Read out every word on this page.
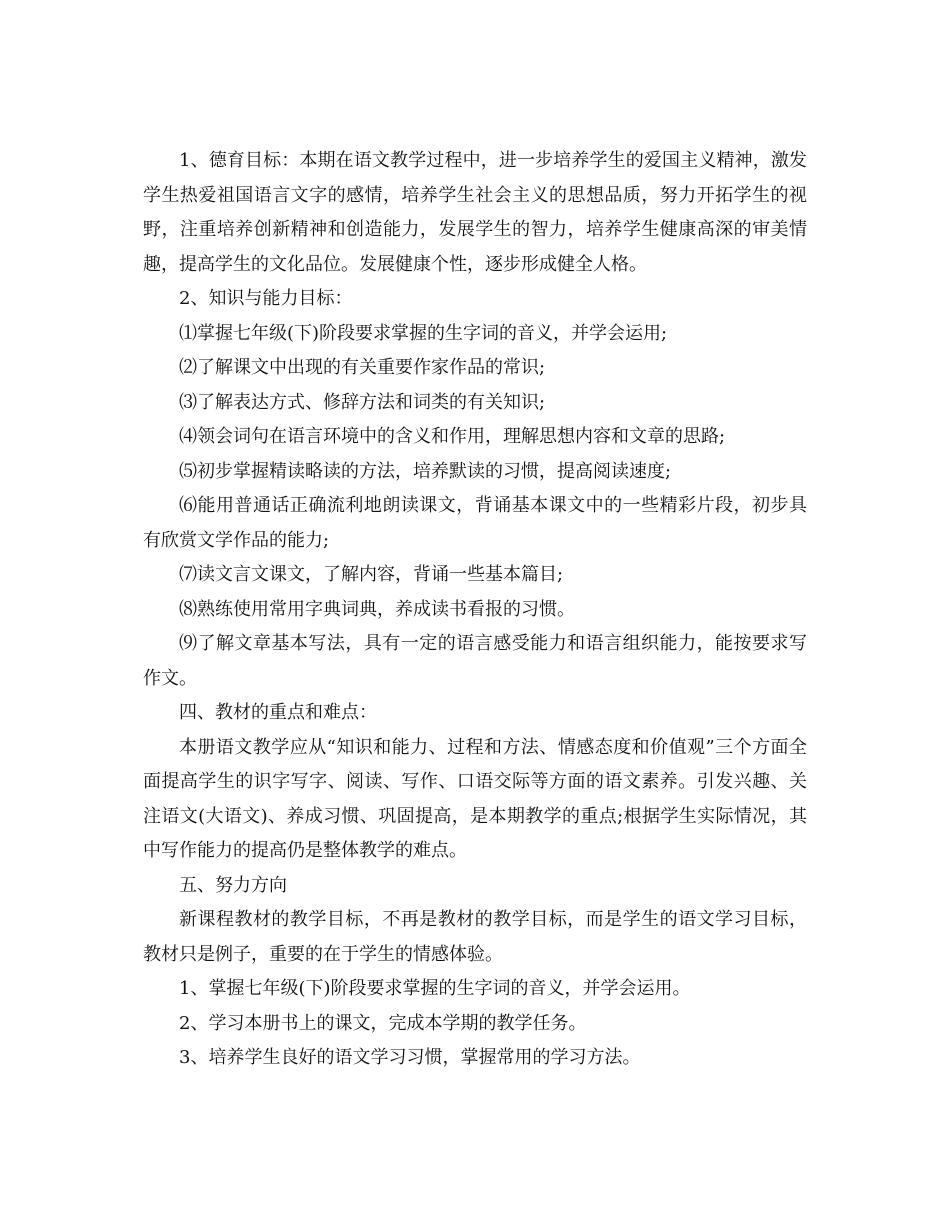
1、德育目标：本期在语文教学过程中，进一步培养学生的爱国主义精神，激发学生热爱祖国语言文字的感情，培养学生社会主义的思想品质，努力开拓学生的视野，注重培养创新精神和创造能力，发展学生的智力，培养学生健康高深的审美情趣，提高学生的文化品位。发展健康个性，逐步形成健全人格。

2、知识与能力目标：

⑴掌握七年级(下)阶段要求掌握的生字词的音义，并学会运用;

⑵了解课文中出现的有关重要作家作品的常识;

⑶了解表达方式、修辞方法和词类的有关知识;

⑷领会词句在语言环境中的含义和作用，理解思想内容和文章的思路;

⑸初步掌握精读略读的方法，培养默读的习惯，提高阅读速度;

⑹能用普通话正确流利地朗读课文，背诵基本课文中的一些精彩片段，初步具有欣赏文学作品的能力;

⑺读文言文课文，了解内容，背诵一些基本篇目;

⑻熟练使用常用字典词典，养成读书看报的习惯。

⑼了解文章基本写法，具有一定的语言感受能力和语言组织能力，能按要求写作文。

四、教材的重点和难点：

本册语文教学应从“知识和能力、过程和方法、情感态度和价值观”三个方面全面提高学生的识字写字、阅读、写作、口语交际等方面的语文素养。引发兴趣、关注语文(大语文)、养成习惯、巩固提高，是本期教学的重点;根据学生实际情况，其中写作能力的提高仍是整体教学的难点。

五、努力方向

新课程教材的教学目标，不再是教材的教学目标，而是学生的语文学习目标，教材只是例子，重要的在于学生的情感体验。

1、掌握七年级(下)阶段要求掌握的生字词的音义，并学会运用。

2、学习本册书上的课文，完成本学期的教学任务。

3、培养学生良好的语文学习习惯，掌握常用的学习方法。
